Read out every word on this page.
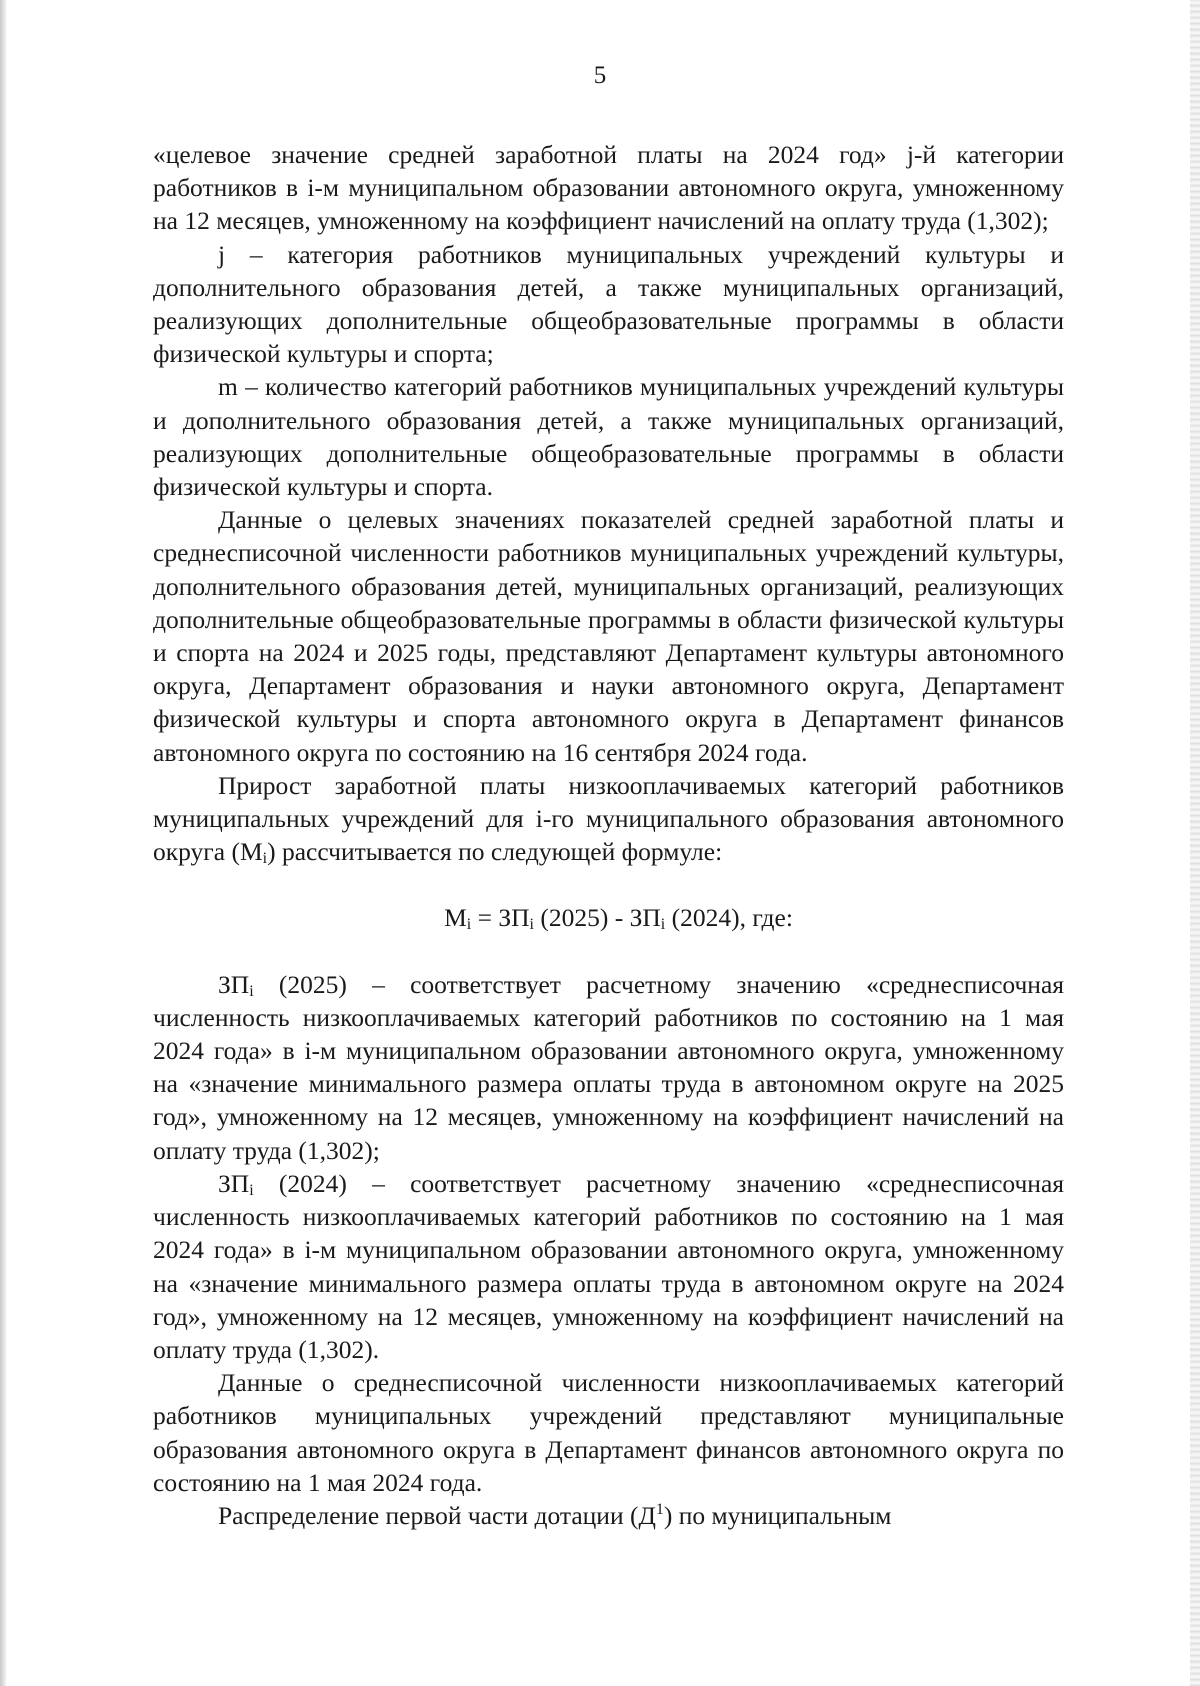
5

«целевое значение средней заработной платы на 2024 год» j-й категории работников в i-м муниципальном образовании автономного округа, умноженному на 12 месяцев, умноженному на коэффициент начислений на оплату труда (1,302);

j – категория работников муниципальных учреждений культуры и дополнительного образования детей, а также муниципальных организаций, реализующих дополнительные общеобразовательные программы в области физической культуры и спорта;

m – количество категорий работников муниципальных учреждений культуры и дополнительного образования детей, а также муниципальных организаций, реализующих дополнительные общеобразовательные программы в области физической культуры и спорта.

Данные о целевых значениях показателей средней заработной платы и среднесписочной численности работников муниципальных учреждений культуры, дополнительного образования детей, муниципальных организаций, реализующих дополнительные общеобразовательные программы в области физической культуры и спорта на 2024 и 2025 годы, представляют Департамент культуры автономного округа, Департамент образования и науки автономного округа, Департамент физической культуры и спорта автономного округа в Департамент финансов автономного округа по состоянию на 16 сентября 2024 года.

Прирост заработной платы низкооплачиваемых категорий работников муниципальных учреждений для i-го муниципального образования автономного округа $(M_i)$ рассчитывается по следующей формуле:

$M_i = ЗП_i$ $(2025) - ЗП_i$ (2024), где:

$ЗП_i$ (2025) – соответствует расчетному значению «среднесписочная численность низкооплачиваемых категорий работников по состоянию на 1 мая 2024 года» в i-м муниципальном образовании автономного округа, умноженному на «значение минимального размера оплаты труда в автономном округе на 2025 год», умноженному на 12 месяцев, умноженному на коэффициент начислений на оплату труда (1,302);

$ЗП_i$ (2024) – соответствует расчетному значению «среднесписочная численность низкооплачиваемых категорий работников по состоянию на 1 мая 2024 года» в i-м муниципальном образовании автономного округа, умноженному на «значение минимального размера оплаты труда в автономном округе на 2024 год», умноженному на 12 месяцев, умноженному на коэффициент начислений на оплату труда (1,302).

Данные о среднесписочной численности низкооплачиваемых категорий работников муниципальных учреждений представляют муниципальные образования автономного округа в Департамент финансов автономного округа по состоянию на 1 мая 2024 года.

Распределение первой части дотации $(Д^1)$ по муниципальным
